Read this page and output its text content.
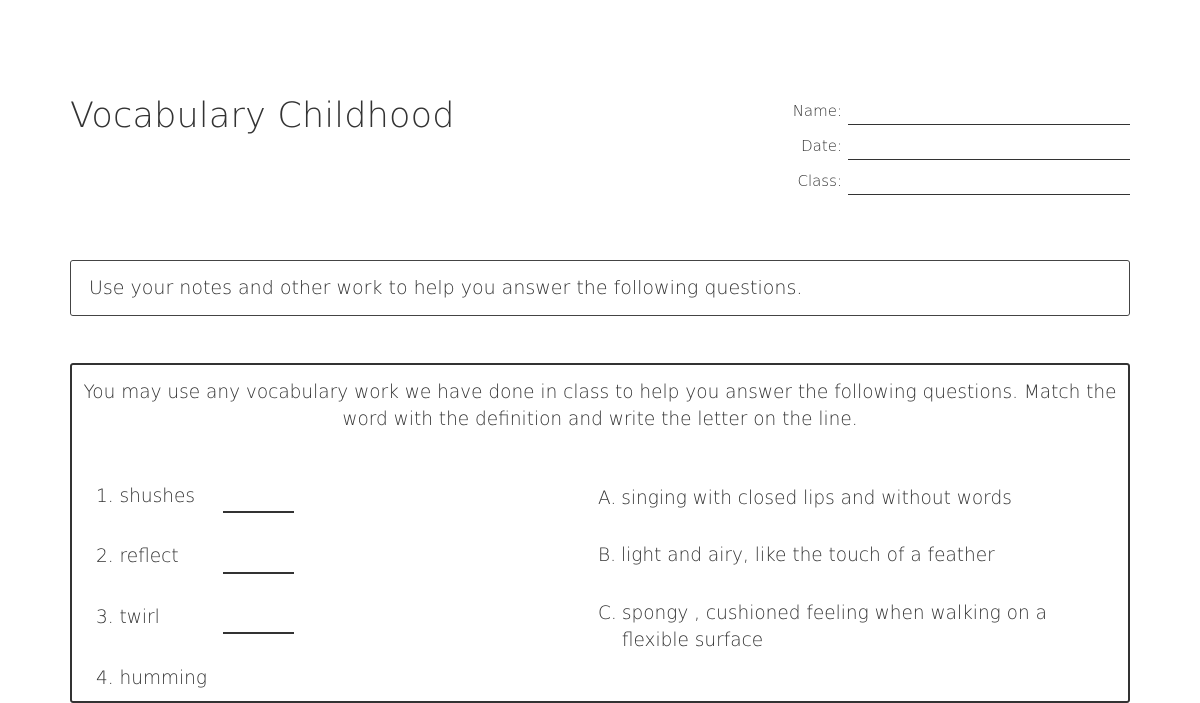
Vocabulary Childhood	Name:
Date:
Class:
Use your notes and other work to help you answer the following questions.
You may use any vocabulary work we have done in class to help you answer the following questions. Match the word with the definition and write the letter on the line.
1. shushes
2. reflect
3. twirl
4. humming
A. singing with closed lips and without words
B. light and airy, like the touch of a feather
C. spongy , cushioned feeling when walking on a flexible surface
